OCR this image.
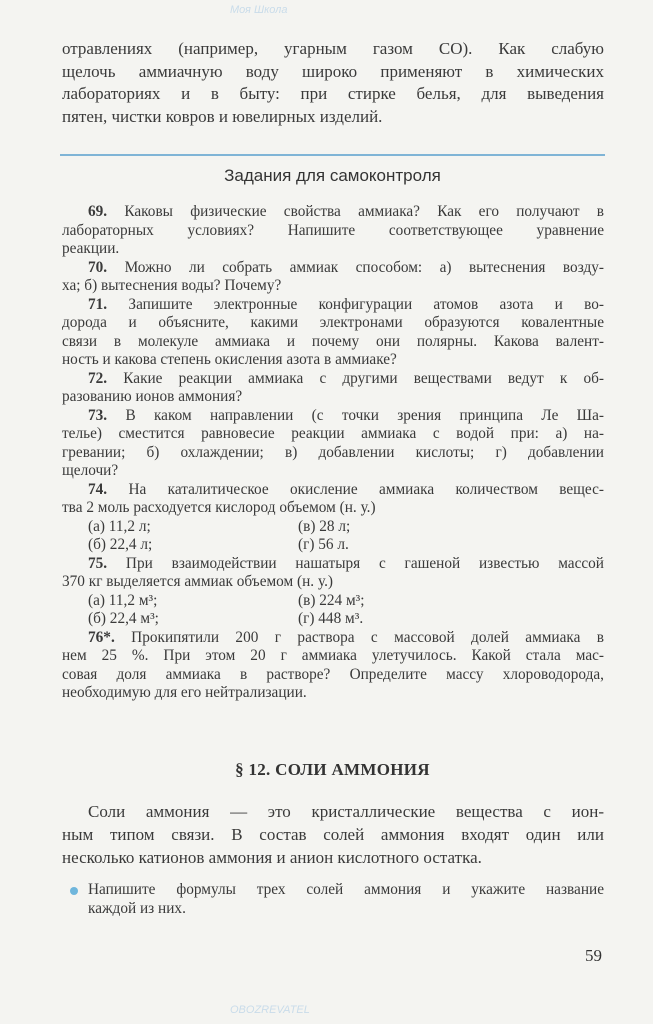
отравлениях (например, угарным газом CO). Как слабую
щелочь аммиачную воду широко применяют в химических
лабораториях и в быту: при стирке белья, для выведения
пятен, чистки ковров и ювелирных изделий.
Задания для самоконтроля
69. Каковы физические свойства аммиака? Как его получают в
лабораторных условиях? Напишите соответствующее уравнение
реакции.
70. Можно ли собрать аммиак способом: а) вытеснения возду-
ха; б) вытеснения воды? Почему?
71. Запишите электронные конфигурации атомов азота и во-
дорода и объясните, какими электронами образуются ковалентные
связи в молекуле аммиака и почему они полярны. Какова валент-
ность и какова степень окисления азота в аммиаке?
72. Какие реакции аммиака с другими веществами ведут к об-
разованию ионов аммония?
73. В каком направлении (с точки зрения принципа Ле Ша-
телье) сместится равновесие реакции аммиака с водой при: а) на-
гревании; б) охлаждении; в) добавлении кислоты; г) добавлении
щелочи?
74. На каталитическое окисление аммиака количеством вещес-
тва 2 моль расходуется кислород объемом (н. у.)
(а) 11,2 л;	(в) 28 л;
(б) 22,4 л;	(г) 56 л.
75. При взаимодействии нашатыря с гашеной известью массой
370 кг выделяется аммиак объемом (н. у.)
(а) 11,2 м³;	(в) 224 м³;
(б) 22,4 м³;	(г) 448 м³.
76*. Прокипятили 200 г раствора с массовой долей аммиака в
нем 25 %. При этом 20 г аммиака улетучилось. Какой стала мас-
совая доля аммиака в растворе? Определите массу хлороводорода,
необходимую для его нейтрализации.
§ 12. СОЛИ АММОНИЯ
Соли аммония — это кристаллические вещества с ион-
ным типом связи. В состав солей аммония входят один или
несколько катионов аммония и анион кислотного остатка.
Напишите формулы трех солей аммония и укажите название
каждой из них.
59
Моя Школа
OBOZREVATEL
